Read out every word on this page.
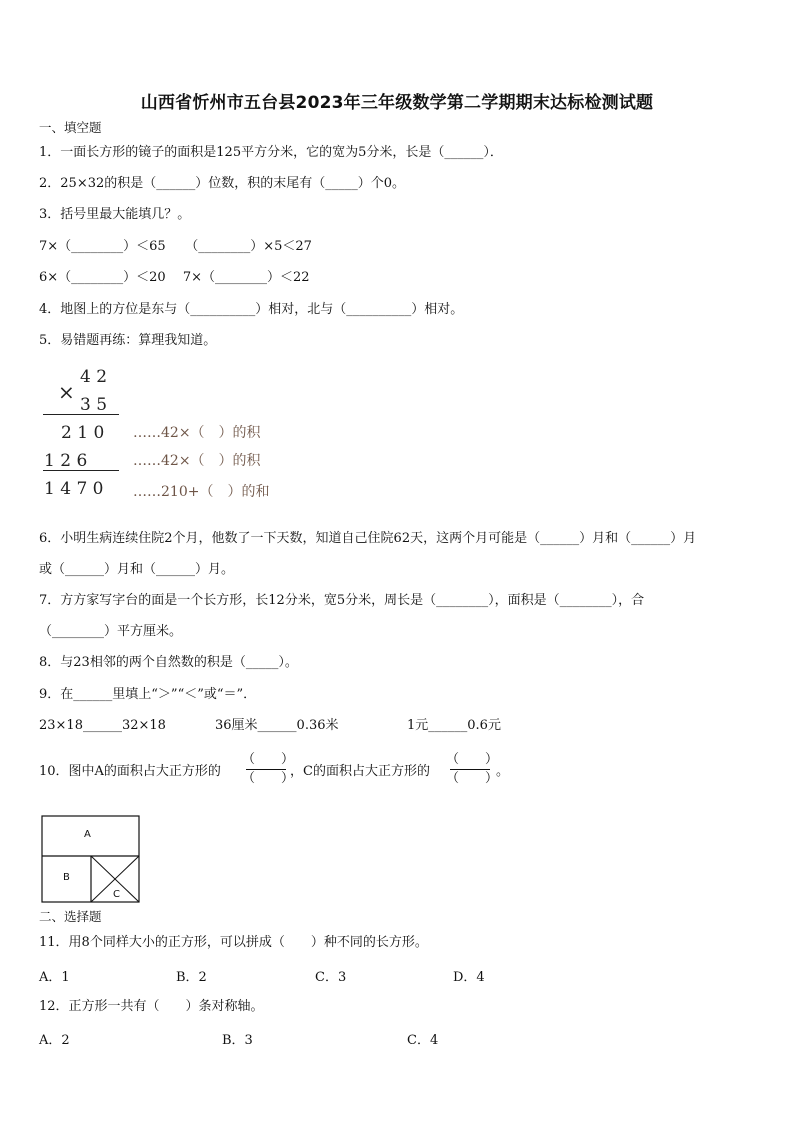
山西省忻州市五台县2023年三年级数学第二学期期末达标检测试题
一、填空题
1．一面长方形的镜子的面积是125平方分米，它的宽为5分米，长是（______）．
2．25×32的积是（______）位数，积的末尾有（_____）个0。
3．括号里最大能填几？。
7×（________）＜65　　（________）×5＜27
6×（________）＜20　 7×（________）＜22
4．地图上的方位是东与（__________）相对，北与（__________）相对。
5．易错题再练：算理我知道。
4 2
×
3 5
2 1 0
1 2 6
1 4 7 0
……42×（　）的积
……42×（　）的积
……210+（　）的和
6．小明生病连续住院2个月，他数了一下天数，知道自己住院62天，这两个月可能是（______）月和（______）月
或（______）月和（______）月。
7．方方家写字台的面是一个长方形，长12分米，宽5分米，周长是（________），面积是（________），合
（________）平方厘米。
8．与23相邻的两个自然数的积是（_____）。
9．在______里填上“＞”“＜”或“＝”．
23×18______32×18	36厘米______0.36米	1元______0.6元
10．图中A的面积占大正方形的
（　　）
（　　）
，C的面积占大正方形的
（　　）
（　　）
。
A
B
C
二、选择题
11．用8个同样大小的正方形，可以拼成（　　）种不同的长方形。
A．1	B．2	C．3	D．4
12．正方形一共有（　　）条对称轴。
A．2	B．3	C．4
